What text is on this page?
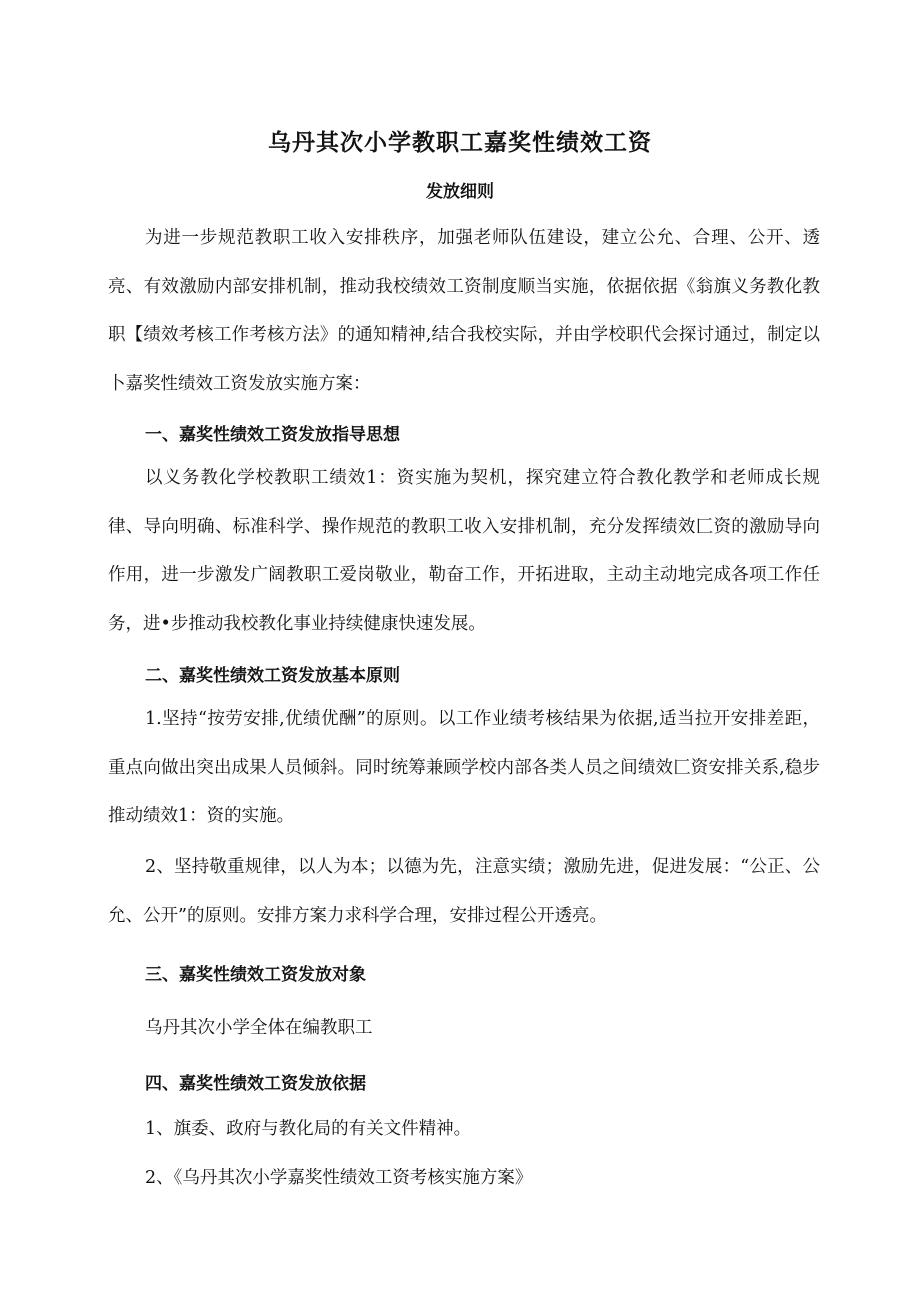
乌丹其次小学教职工嘉奖性绩效工资
发放细则

为进一步规范教职工收入安排秩序，加强老师队伍建设，建立公允、合理、公开、透亮、有效激励内部安排机制，推动我校绩效工资制度顺当实施，依据依据《翁旗义务教化教职【绩效考核工作考核方法》的通知精神,结合我校实际，并由学校职代会探讨通过，制定以卜嘉奖性绩效工资发放实施方案：

一、嘉奖性绩效工资发放指导思想

以义务教化学校教职工绩效1：资实施为契机，探究建立符合教化教学和老师成长规律、导向明确、标准科学、操作规范的教职工收入安排机制，充分发挥绩效匚资的激励导向作用，进一步激发广阔教职工爱岗敬业，勒奋工作，开拓进取，主动主动地完成各项工作任务，进•步推动我校教化事业持续健康快速发展。

二、嘉奖性绩效工资发放基本原则

1.坚持“按劳安排,优绩优酬”的原则。以工作业绩考核结果为依据,适当拉开安排差距，重点向做出突出成果人员倾斜。同时统筹兼顾学校内部各类人员之间绩效匚资安排关系,稳步推动绩效1：资的实施。

2、坚持敬重规律，以人为本；以德为先，注意实绩；激励先进，促进发展：“公正、公允、公开”的原则。安排方案力求科学合理，安排过程公开透亮。

三、嘉奖性绩效工资发放对象

乌丹其次小学全体在编教职工

四、嘉奖性绩效工资发放依据

1、旗委、政府与教化局的有关文件精神。

2、《乌丹其次小学嘉奖性绩效工资考核实施方案》
